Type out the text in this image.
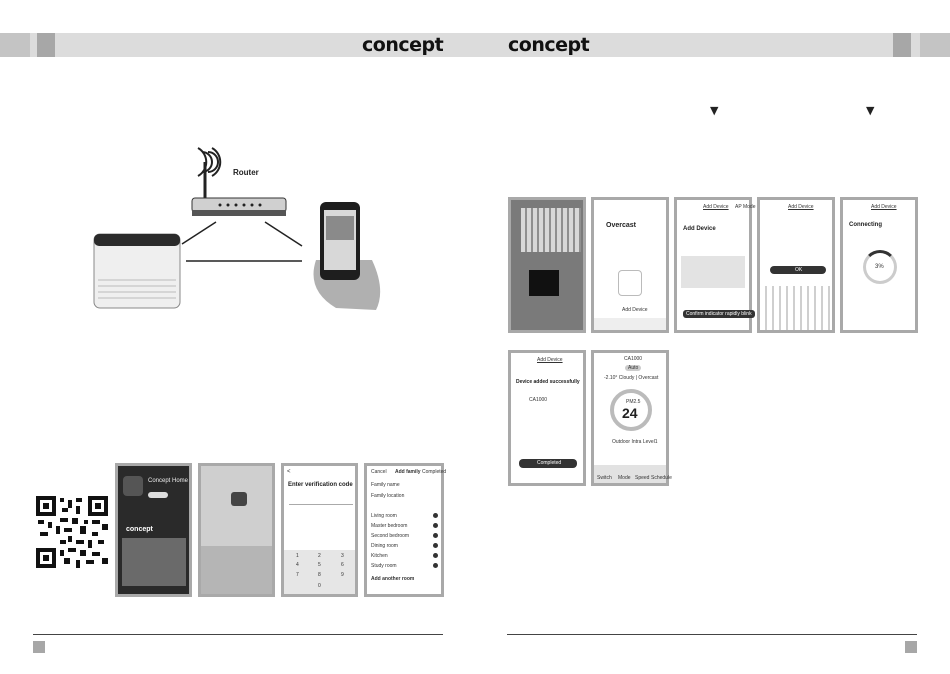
concept	concept
Router
Concept Home
concept
<
Enter verification code
1	2	3
4	5	6
7	8	9
0
Cancel Add family Completed
Family name
Family location
Living room
Master bedroom
Second bedroom
Dining room
Kitchen
Study room
Add another room
▼	▼
Overcast
Add Device
Add Device AP Mode
Add Device
Confirm indicator rapidly blink
Add Device
OK
Add Device
Connecting
3%
Add Device
Device added successfully
CA1000
Completed
CA1000
Auto
-2.10° Cloudy | Overcast
PM2.5
24
Outdoor Intra Level1
Switch Mode Speed Schedule
